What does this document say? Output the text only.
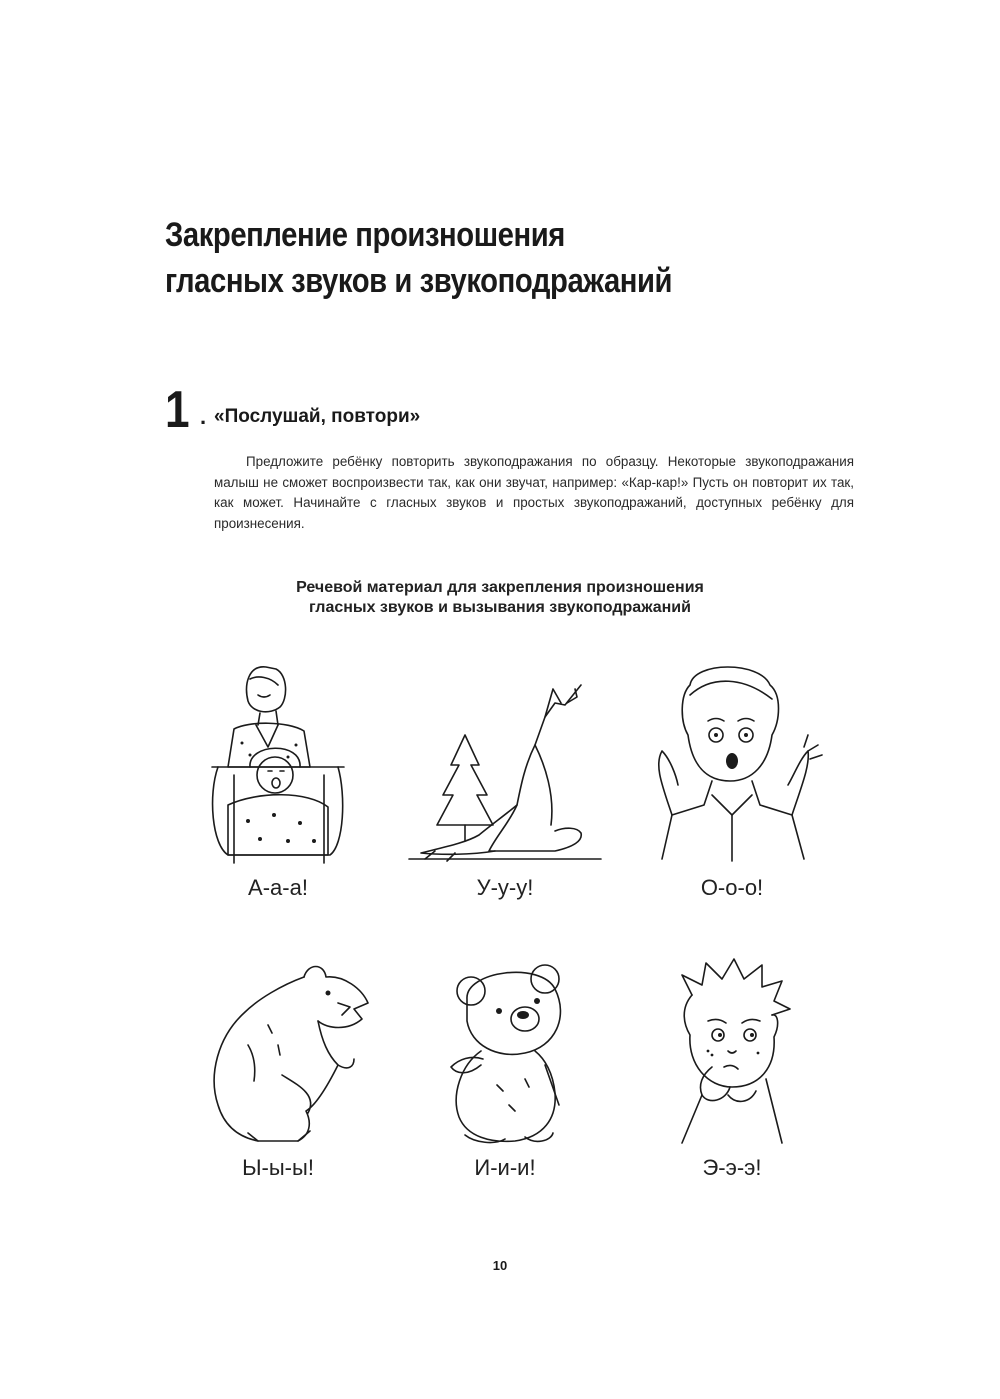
Закрепление произношения
гласных звуков и звукоподражаний
1 . «Послушай, повтори»
Предложите ребёнку повторить звукоподражания по образцу. Некоторые звукоподражания малыш не сможет воспроизвести так, как они звучат, например: «Кар-кар!» Пусть он повторит их так, как может. Начинайте с гласных звуков и простых звукоподражаний, доступных ребёнку для произнесения.
Речевой материал для закрепления произношения
гласных звуков и вызывания звукоподражаний
А-а-а!	У-у-у!	О-о-о!
Ы-ы-ы!	И-и-и!	Э-э-э!
10
